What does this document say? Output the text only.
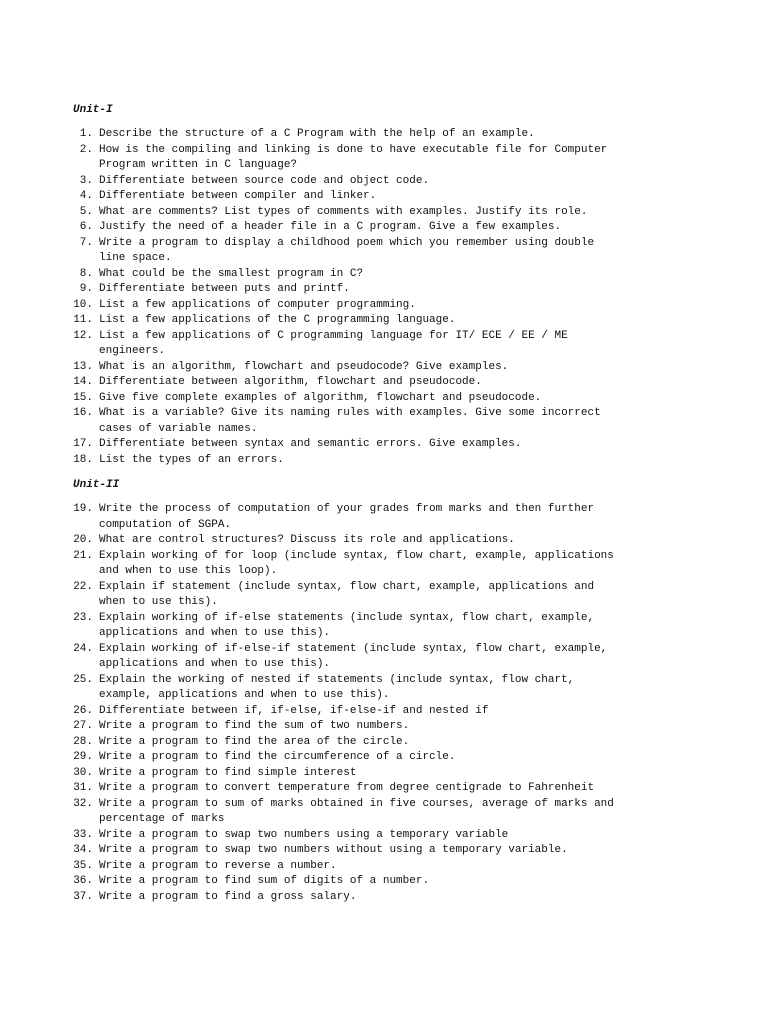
Unit-I
1. Describe the structure of a C Program with the help of an example.
2. How is the compiling and linking is done to have executable file for Computer
Program written in C language?
3. Differentiate between source code and object code.
4. Differentiate between compiler and linker.
5. What are comments? List types of comments with examples. Justify its role.
6. Justify the need of a header file in a C program. Give a few examples.
7. Write a program to display a childhood poem which you remember using double
line space.
8. What could be the smallest program in C?
9. Differentiate between puts and printf.
10. List a few applications of computer programming.
11. List a few applications of the C programming language.
12. List a few applications of C programming language for IT/ ECE / EE / ME
engineers.
13. What is an algorithm, flowchart and pseudocode? Give examples.
14. Differentiate between algorithm, flowchart and pseudocode.
15. Give five complete examples of algorithm, flowchart and pseudocode.
16. What is a variable? Give its naming rules with examples. Give some incorrect
cases of variable names.
17. Differentiate between syntax and semantic errors. Give examples.
18. List the types of an errors.
Unit-II
19. Write the process of computation of your grades from marks and then further
computation of SGPA.
20. What are control structures? Discuss its role and applications.
21. Explain working of for loop (include syntax, flow chart, example, applications
and when to use this loop).
22. Explain if statement (include syntax, flow chart, example, applications and
when to use this).
23. Explain working of if-else statements (include syntax, flow chart, example,
applications and when to use this).
24. Explain working of if-else-if statement (include syntax, flow chart, example,
applications and when to use this).
25. Explain the working of nested if statements (include syntax, flow chart,
example, applications and when to use this).
26. Differentiate between if, if-else, if-else-if and nested if
27. Write a program to find the sum of two numbers.
28. Write a program to find the area of the circle.
29. Write a program to find the circumference of a circle.
30. Write a program to find simple interest
31. Write a program to convert temperature from degree centigrade to Fahrenheit
32. Write a program to sum of marks obtained in five courses, average of marks and
percentage of marks
33. Write a program to swap two numbers using a temporary variable
34. Write a program to swap two numbers without using a temporary variable.
35. Write a program to reverse a number.
36. Write a program to find sum of digits of a number.
37. Write a program to find a gross salary.
